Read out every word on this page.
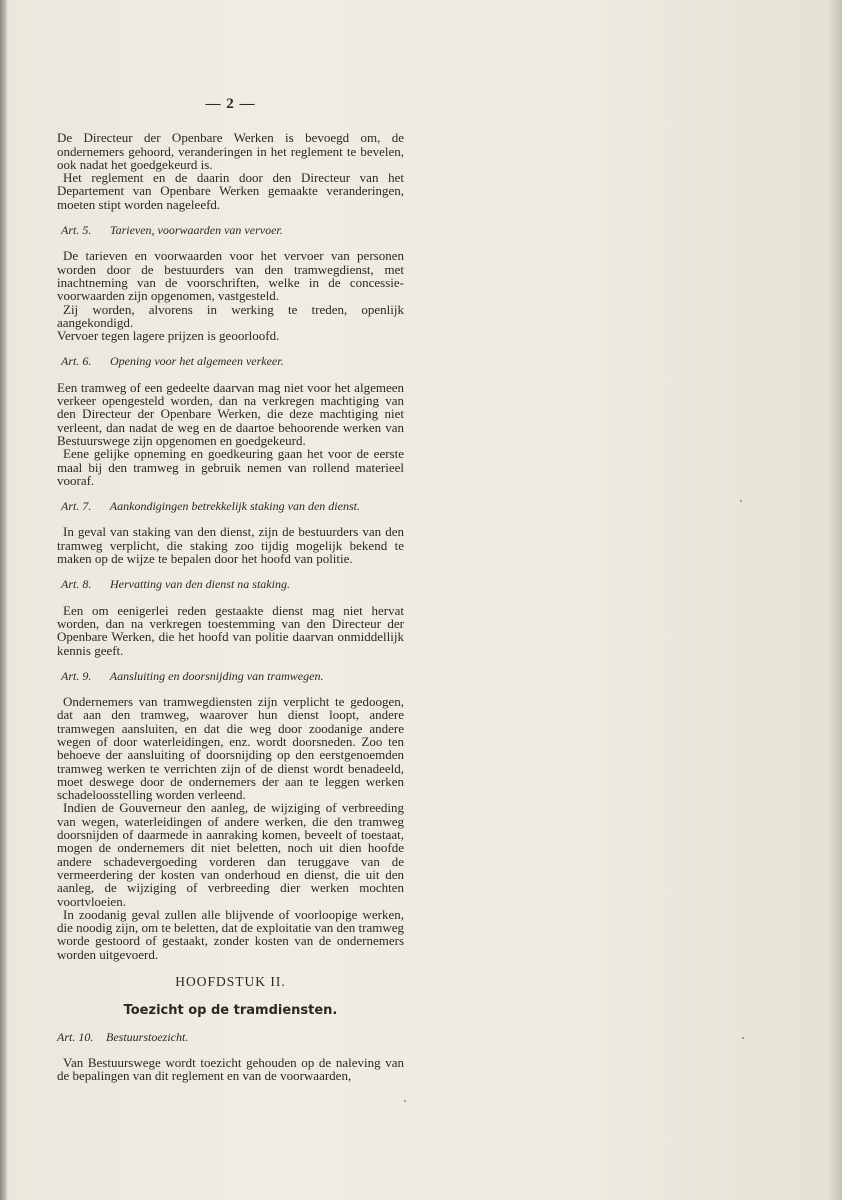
— 2 —

De Directeur der Openbare Werken is bevoegd om, de ondernemers gehoord, veranderingen in het reglement te bevelen, ook nadat het goedgekeurd is.

Het reglement en de daarin door den Directeur van het Departement van Openbare Werken gemaakte veranderingen, moeten stipt worden nageleefd.

Art. 5. Tarieven, voorwaarden van vervoer.

De tarieven en voorwaarden voor het vervoer van personen worden door de bestuurders van den tramwegdienst, met inachtneming van de voorschriften, welke in de concessie-voorwaarden zijn opgenomen, vastgesteld.

Zij worden, alvorens in werking te treden, openlijk aangekondigd.

Vervoer tegen lagere prijzen is geoorloofd.

Art. 6. Opening voor het algemeen verkeer.

Een tramweg of een gedeelte daarvan mag niet voor het algemeen verkeer opengesteld worden, dan na verkregen machtiging van den Directeur der Openbare Werken, die deze machtiging niet verleent, dan nadat de weg en de daartoe behoorende werken van Bestuurswege zijn opgenomen en goedgekeurd.

Eene gelijke opneming en goedkeuring gaan het voor de eerste maal bij den tramweg in gebruik nemen van rollend materieel vooraf.

Art. 7. Aankondigingen betrekkelijk staking van den dienst.

In geval van staking van den dienst, zijn de bestuurders van den tramweg verplicht, die staking zoo tijdig mogelijk bekend te maken op de wijze te bepalen door het hoofd van politie.

Art. 8. Hervatting van den dienst na staking.

Een om eenigerlei reden gestaakte dienst mag niet hervat worden, dan na verkregen toestemming van den Directeur der Openbare Werken, die het hoofd van politie daarvan onmiddellijk kennis geeft.

Art. 9. Aansluiting en doorsnijding van tramwegen.

Ondernemers van tramwegdiensten zijn verplicht te gedoogen, dat aan den tramweg, waarover hun dienst loopt, andere tramwegen aansluiten, en dat die weg door zoodanige andere wegen of door waterleidingen, enz. wordt doorsneden. Zoo ten behoeve der aansluiting of doorsnijding op den eerstgenoemden tramweg werken te verrichten zijn of de dienst wordt benadeeld, moet deswege door de ondernemers der aan te leggen werken schadeloosstelling worden verleend.

Indien de Gouverneur den aanleg, de wijziging of verbreeding van wegen, waterleidingen of andere werken, die den tramweg doorsnijden of daarmede in aanraking komen, beveelt of toestaat, mogen de ondernemers dit niet beletten, noch uit dien hoofde andere schadevergoeding vorderen dan teruggave van de vermeerdering der kosten van onderhoud en dienst, die uit den aanleg, de wijziging of verbreeding dier werken mochten voortvloeien.

In zoodanig geval zullen alle blijvende of voorloopige werken, die noodig zijn, om te beletten, dat de exploitatie van den tramweg worde gestoord of gestaakt, zonder kosten van de ondernemers worden uitgevoerd.

HOOFDSTUK II.
Toezicht op de tramdiensten.
Art. 10. Bestuurstoezicht.

Van Bestuurswege wordt toezicht gehouden op de naleving van de bepalingen van dit reglement en van de voorwaarden,
